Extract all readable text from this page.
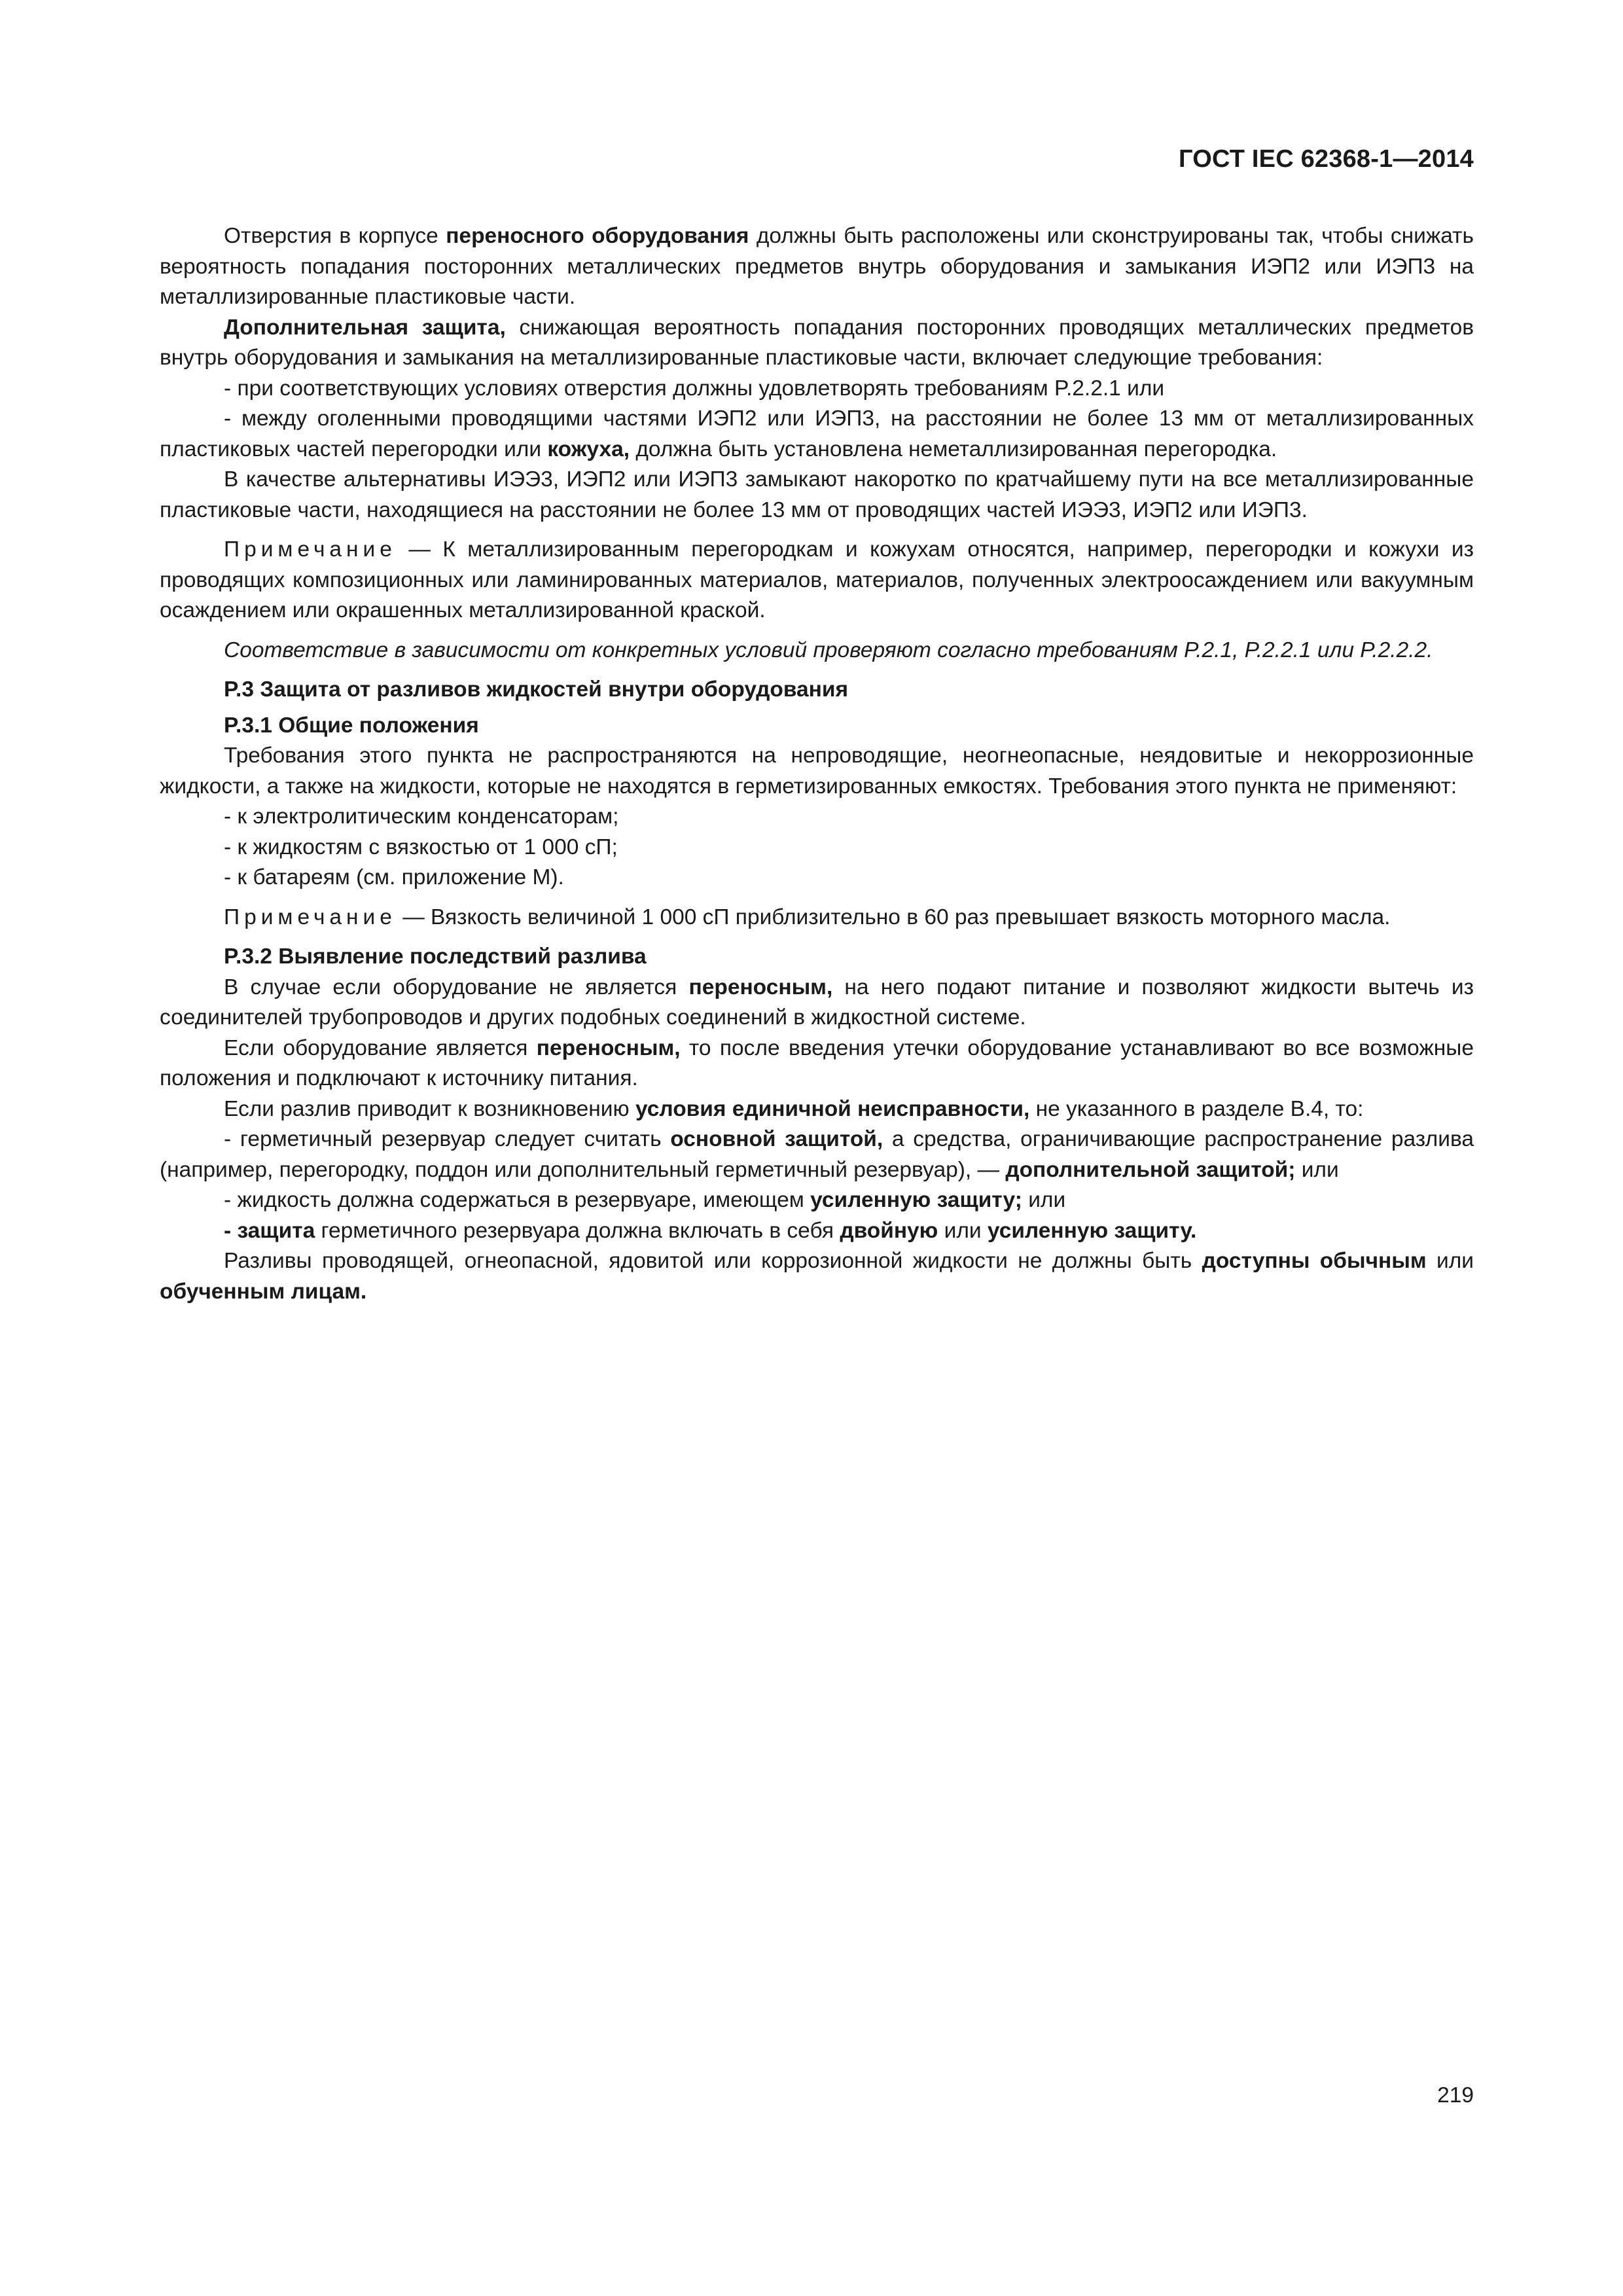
ГОСТ IEC 62368-1—2014

Отверстия в корпусе переносного оборудования должны быть расположены или сконструированы так, чтобы снижать вероятность попадания посторонних металлических предметов внутрь оборудования и замыкания ИЭП2 или ИЭП3 на металлизированные пластиковые части.

Дополнительная защита, снижающая вероятность попадания посторонних проводящих металлических предметов внутрь оборудования и замыкания на металлизированные пластиковые части, включает следующие требования:

- при соответствующих условиях отверстия должны удовлетворять требованиям P.2.2.1 или

- между оголенными проводящими частями ИЭП2 или ИЭП3, на расстоянии не более 13 мм от металлизированных пластиковых частей перегородки или кожуха, должна быть установлена неметаллизированная перегородка.

В качестве альтернативы ИЭЭ3, ИЭП2 или ИЭП3 замыкают накоротко по кратчайшему пути на все металлизированные пластиковые части, находящиеся на расстоянии не более 13 мм от проводящих частей ИЭЭ3, ИЭП2 или ИЭП3.

Примечание — К металлизированным перегородкам и кожухам относятся, например, перегородки и кожухи из проводящих композиционных или ламинированных материалов, материалов, полученных электроосаждением или вакуумным осаждением или окрашенных металлизированной краской.

Соответствие в зависимости от конкретных условий проверяют согласно требованиям P.2.1, P.2.2.1 или P.2.2.2.

P.3 Защита от разливов жидкостей внутри оборудования

P.3.1 Общие положения

Требования этого пункта не распространяются на непроводящие, неогнеопасные, неядовитые и некоррозионные жидкости, а также на жидкости, которые не находятся в герметизированных емкостях. Требования этого пункта не применяют:

- к электролитическим конденсаторам;

- к жидкостям с вязкостью от 1 000 сП;

- к батареям (см. приложение M).

Примечание — Вязкость величиной 1 000 сП приблизительно в 60 раз превышает вязкость моторного масла.

P.3.2 Выявление последствий разлива

В случае если оборудование не является переносным, на него подают питание и позволяют жидкости вытечь из соединителей трубопроводов и других подобных соединений в жидкостной системе.

Если оборудование является переносным, то после введения утечки оборудование устанавливают во все возможные положения и подключают к источнику питания.

Если разлив приводит к возникновению условия единичной неисправности, не указанного в разделе B.4, то:

- герметичный резервуар следует считать основной защитой, а средства, ограничивающие распространение разлива (например, перегородку, поддон или дополнительный герметичный резервуар), — дополнительной защитой; или

- жидкость должна содержаться в резервуаре, имеющем усиленную защиту; или

- защита герметичного резервуара должна включать в себя двойную или усиленную защиту.

Разливы проводящей, огнеопасной, ядовитой или коррозионной жидкости не должны быть доступны обычным или обученным лицам.

219
